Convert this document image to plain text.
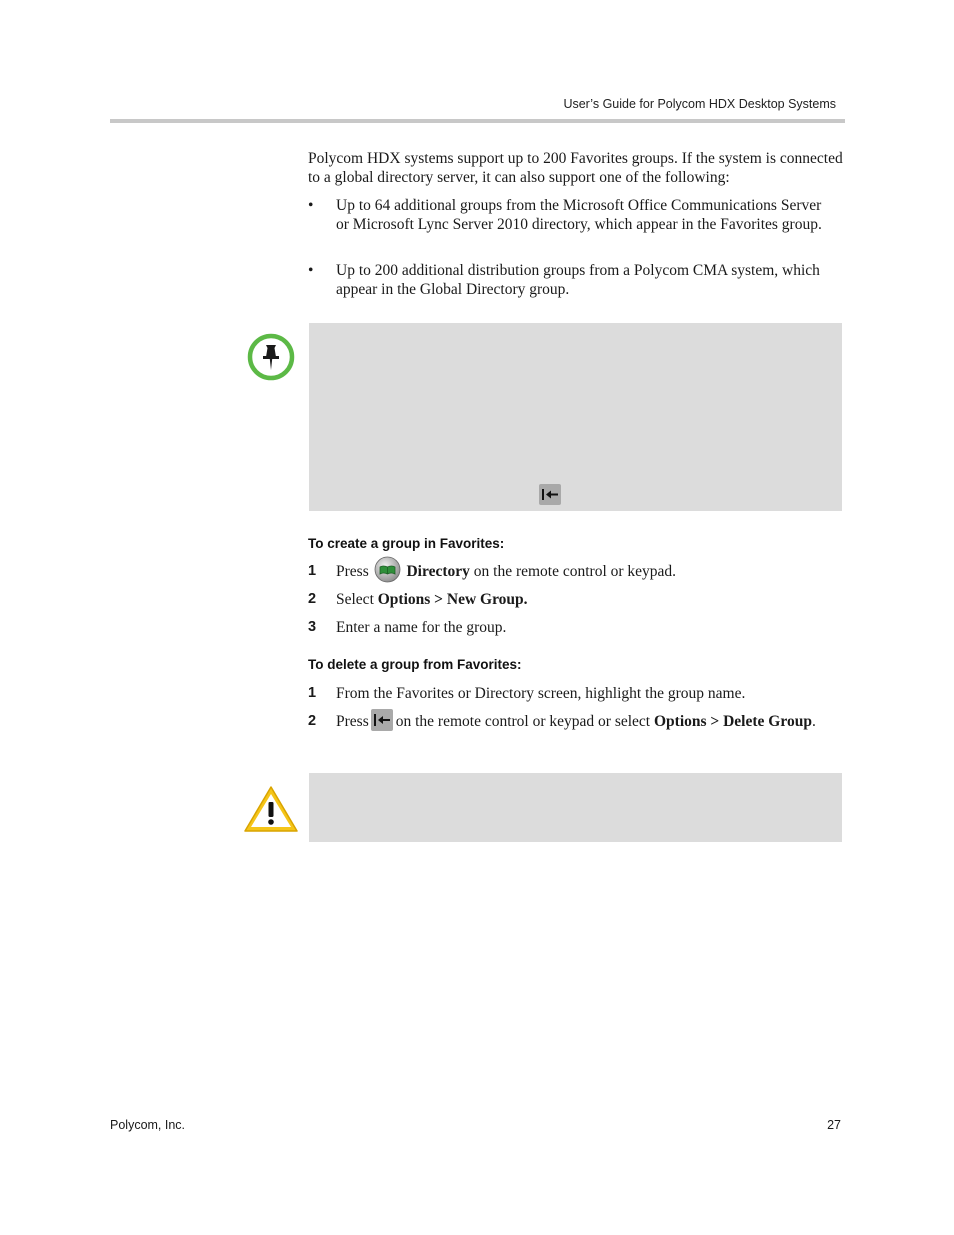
User’s Guide for Polycom HDX Desktop Systems

Polycom HDX systems support up to 200 Favorites groups. If the system is connected to a global directory server, it can also support one of the following:

• Up to 64 additional groups from the Microsoft Office Communications Server or Microsoft Lync Server 2010 directory, which appear in the Favorites group.
• Up to 200 additional distribution groups from a Polycom CMA system, which appear in the Global Directory group.
To create a group in Favorites:
1 Press Directory on the remote control or keypad.
2 Select Options > New Group.
3 Enter a name for the group.
To delete a group from Favorites:
1 From the Favorites or Directory screen, highlight the group name.
2 Press on the remote control or keypad or select Options > Delete Group.
Polycom, Inc.	27
